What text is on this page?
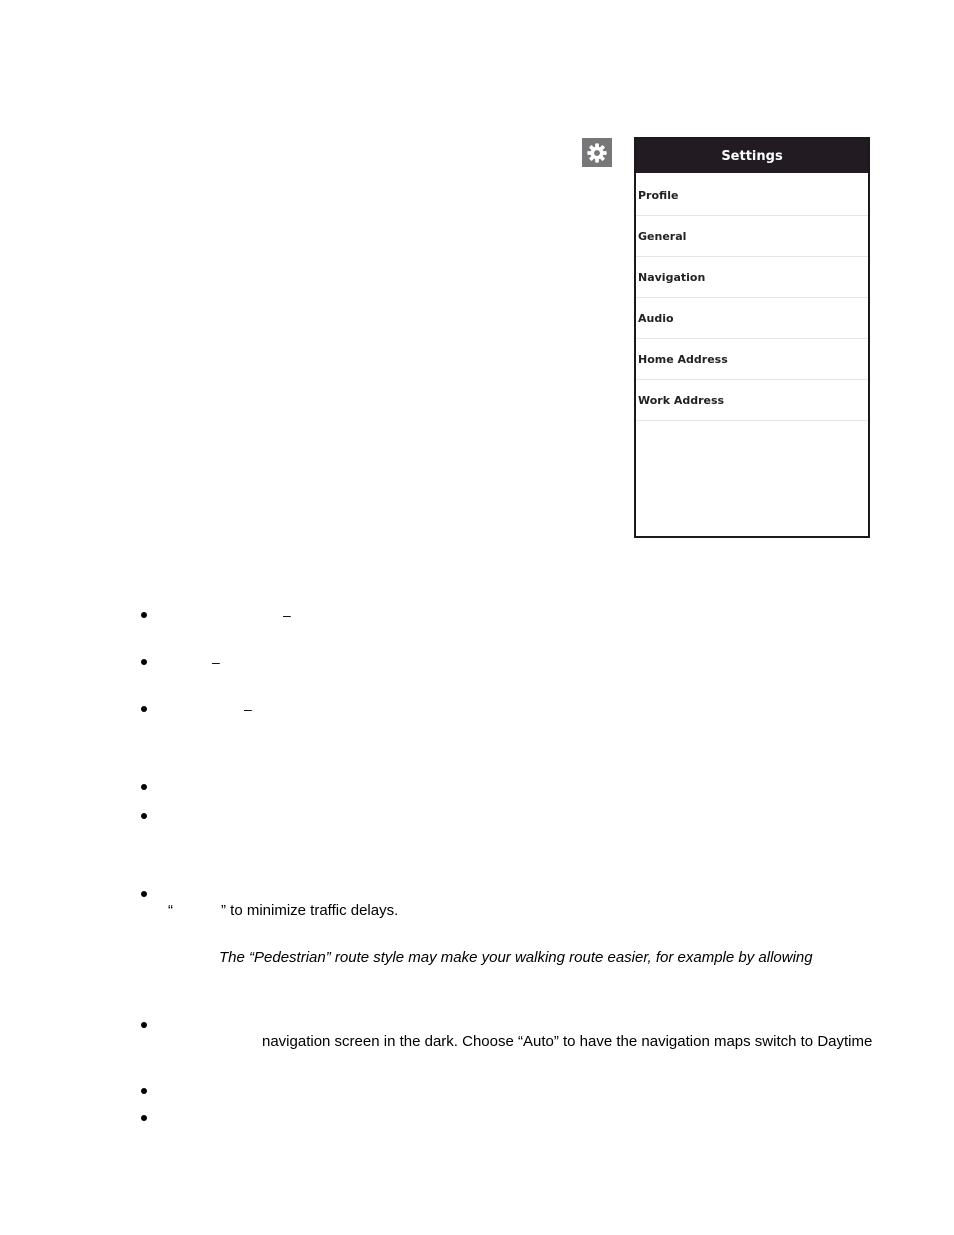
Settings
Profile
General
Navigation
Audio
Home Address
Work Address
–
–
–
“	” to minimize traffic delays.
The “Pedestrian” route style may make your walking route easier, for example by allowing
navigation screen in the dark. Choose “Auto” to have the navigation maps switch to Daytime
